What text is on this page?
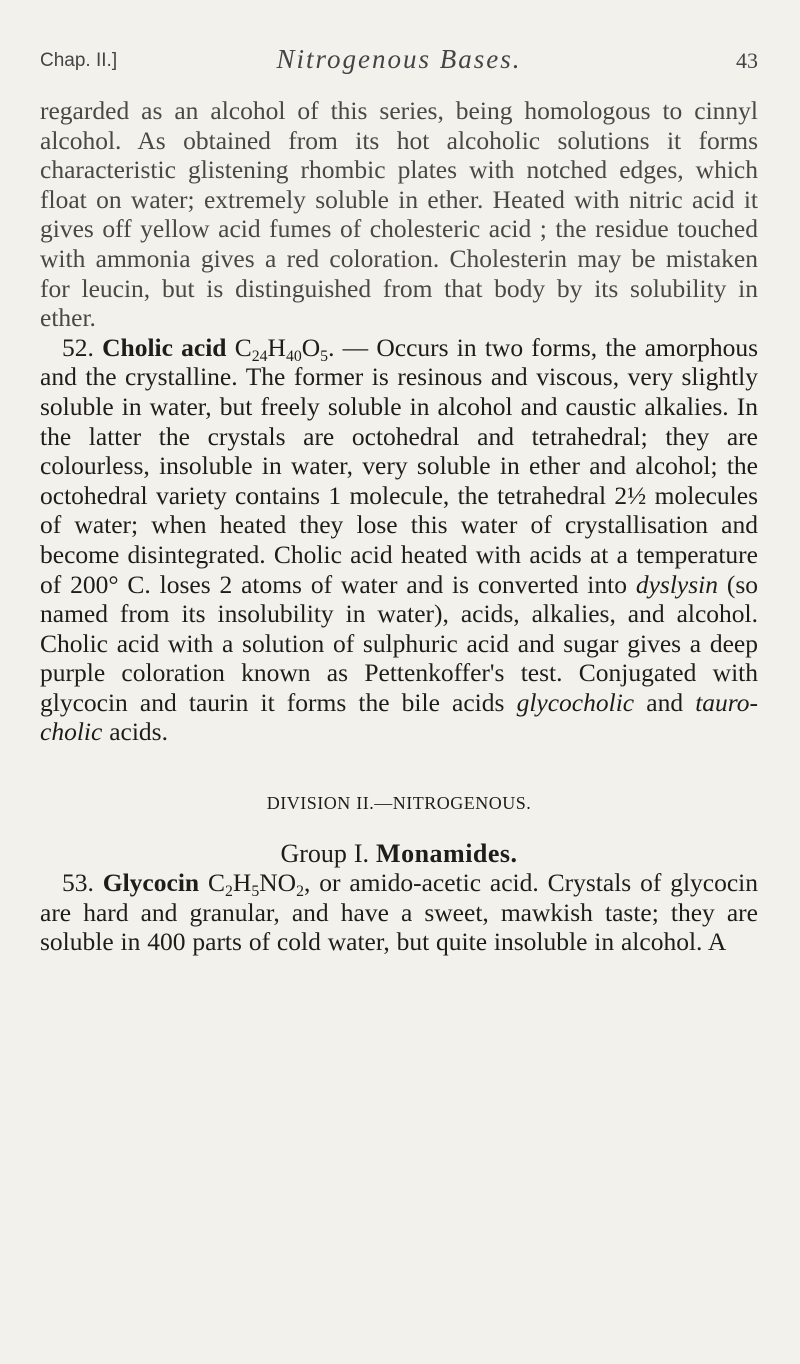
Chap. II.]	Nitrogenous Bases.	43

regarded as an alcohol of this series, being homologous to cinnyl alcohol. As obtained from its hot alcoholic solutions it forms characteristic glistening rhombic plates with notched edges, which float on water; extremely soluble in ether. Heated with nitric acid it gives off yellow acid fumes of cholesteric acid ; the residue touched with ammonia gives a red coloration. Cholesterin may be mistaken for leucin, but is distinguished from that body by its solubility in ether.

52. Cholic acid $C_{24}H_{40}O_5$. — Occurs in two forms, the amorphous and the crystalline. The former is resinous and viscous, very slightly soluble in water, but freely soluble in alcohol and caustic alkalies. In the latter the crystals are octohedral and tetrahedral; they are colourless, insoluble in water, very soluble in ether and alcohol; the octohedral variety contains 1 molecule, the tetrahedral 2½ molecules of water; when heated they lose this water of crystallisation and become disintegrated. Cholic acid heated with acids at a temperature of 200° C. loses 2 atoms of water and is converted into dyslysin (so named from its insolubility in water), acids, alkalies, and alcohol. Cholic acid with a solution of sulphuric acid and sugar gives a deep purple coloration known as Pettenkoffer's test. Conjugated with glycocin and taurin it forms the bile acids glycocholic and tauro-cholic acids.

DIVISION II.—NITROGENOUS.
Group I. Monamides.

53. Glycocin $C_2H_5NO_2$, or amido-acetic acid. Crystals of glycocin are hard and granular, and have a sweet, mawkish taste; they are soluble in 400 parts of cold water, but quite insoluble in alcohol. A
